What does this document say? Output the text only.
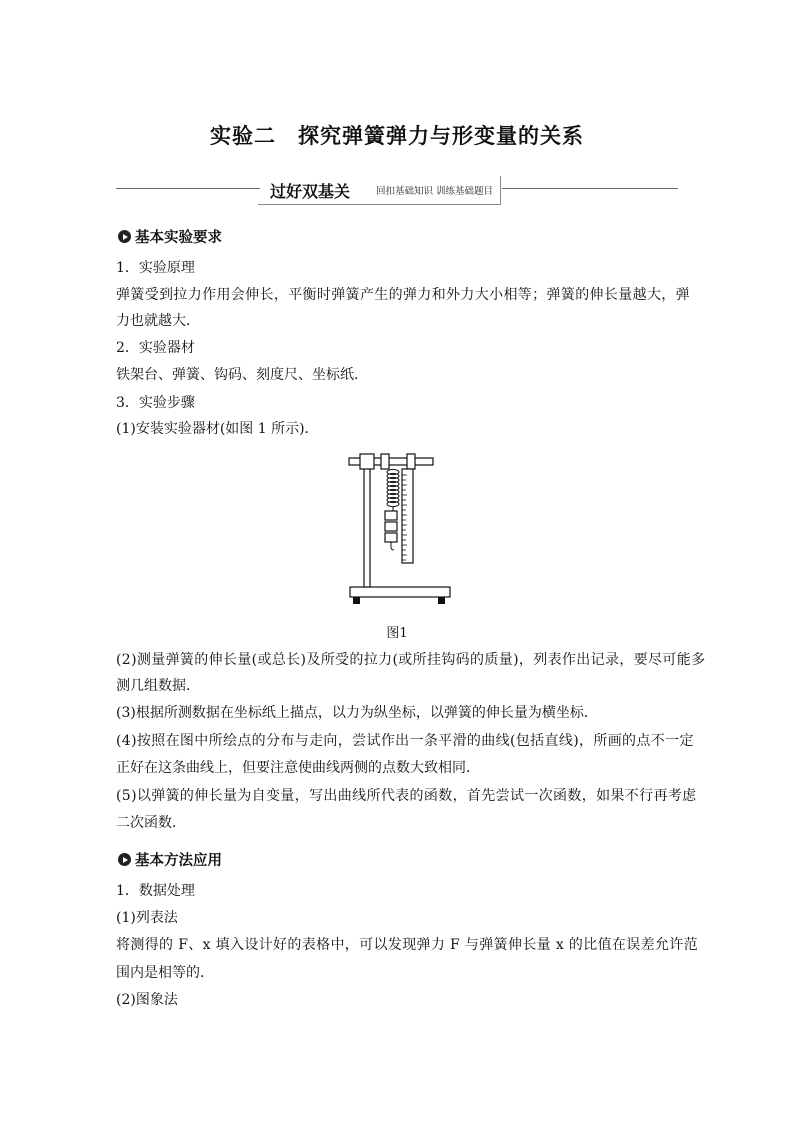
实验二 探究弹簧弹力与形变量的关系
过好双基关	回扣基础知识 训练基础题目
基本实验要求
1．实验原理
弹簧受到拉力作用会伸长，平衡时弹簧产生的弹力和外力大小相等；弹簧的伸长量越大，弹
力也就越大．
2．实验器材
铁架台、弹簧、钩码、刻度尺、坐标纸．
3．实验步骤
(1)安装实验器材(如图 1 所示)．
图1
(2)测量弹簧的伸长量(或总长)及所受的拉力(或所挂钩码的质量)，列表作出记录，要尽可能多
测几组数据．
(3)根据所测数据在坐标纸上描点，以力为纵坐标，以弹簧的伸长量为横坐标．
(4)按照在图中所绘点的分布与走向，尝试作出一条平滑的曲线(包括直线)，所画的点不一定
正好在这条曲线上，但要注意使曲线两侧的点数大致相同．
(5)以弹簧的伸长量为自变量，写出曲线所代表的函数，首先尝试一次函数，如果不行再考虑
二次函数．
基本方法应用
1．数据处理
(1)列表法
将测得的 F、x 填入设计好的表格中，可以发现弹力 F 与弹簧伸长量 x 的比值在误差允许范
围内是相等的．
(2)图象法
